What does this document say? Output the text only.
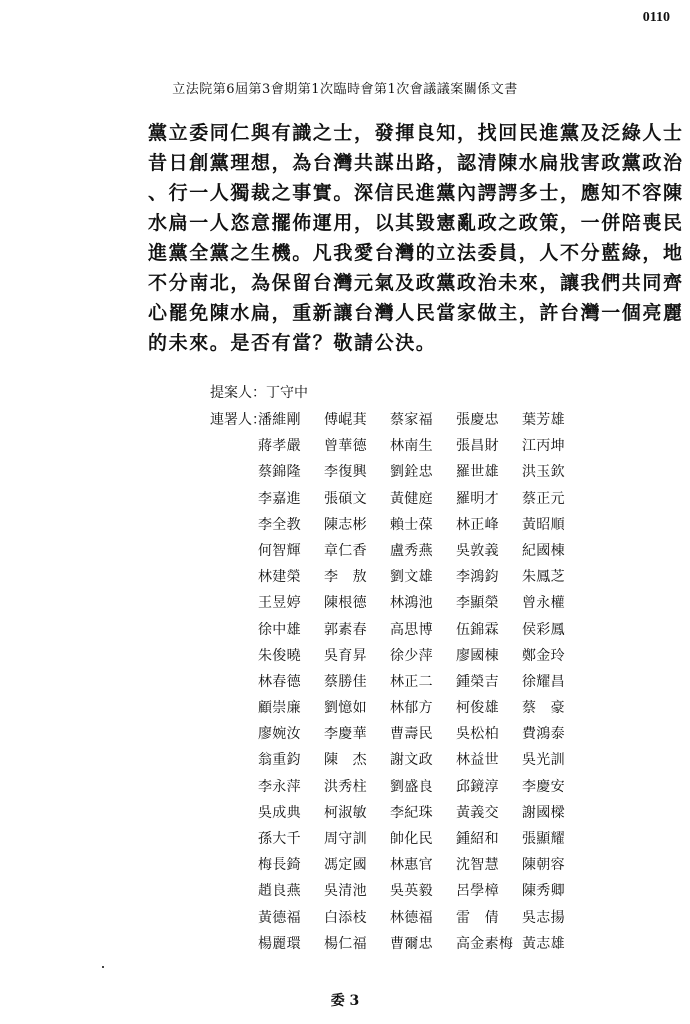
0110
立法院第6屆第3會期第1次臨時會第1次會議議案關係文書
黨立委同仁與有識之士，發揮良知，找回民進黨及泛綠人士
昔日創黨理想，為台灣共謀出路，認清陳水扁戕害政黨政治
、行一人獨裁之事實。深信民進黨內諤諤多士，應知不容陳
水扁一人恣意擺佈運用，以其毀憲亂政之政策，一併陪喪民
進黨全黨之生機。凡我愛台灣的立法委員，人不分藍綠，地
不分南北，為保留台灣元氣及政黨政治未來，讓我們共同齊
心罷免陳水扁，重新讓台灣人民當家做主，許台灣一個亮麗
的未來。是否有當？敬請公決。
提案人：丁守中
連署人：
潘維剛	傅崐萁	蔡家福	張慶忠	葉芳雄
蔣孝嚴	曾華德	林南生	張昌財	江丙坤
蔡錦隆	李復興	劉銓忠	羅世雄	洪玉欽
李嘉進	張碩文	黃健庭	羅明才	蔡正元
李全教	陳志彬	賴士葆	林正峰	黃昭順
何智輝	章仁香	盧秀燕	吳敦義	紀國棟
林建榮	李　敖	劉文雄	李鴻鈞	朱鳳芝
王昱婷	陳根德	林鴻池	李顯榮	曾永權
徐中雄	郭素春	高思博	伍錦霖	侯彩鳳
朱俊曉	吳育昇	徐少萍	廖國棟	鄭金玲
林春德	蔡勝佳	林正二	鍾榮吉	徐耀昌
顧崇廉	劉憶如	林郁方	柯俊雄	蔡　豪
廖婉汝	李慶華	曹壽民	吳松柏	費鴻泰
翁重鈞	陳　杰	謝文政	林益世	吳光訓
李永萍	洪秀柱	劉盛良	邱鏡淳	李慶安
吳成典	柯淑敏	李紀珠	黃義交	謝國樑
孫大千	周守訓	帥化民	鍾紹和	張顯耀
梅長錡	馮定國	林惠官	沈智慧	陳朝容
趙良燕	吳清池	吳英毅	呂學樟	陳秀卿
黃德福	白添枝	林德福	雷　倩	吳志揚
楊麗環	楊仁福	曹爾忠	高金素梅 黃志雄
委 3
